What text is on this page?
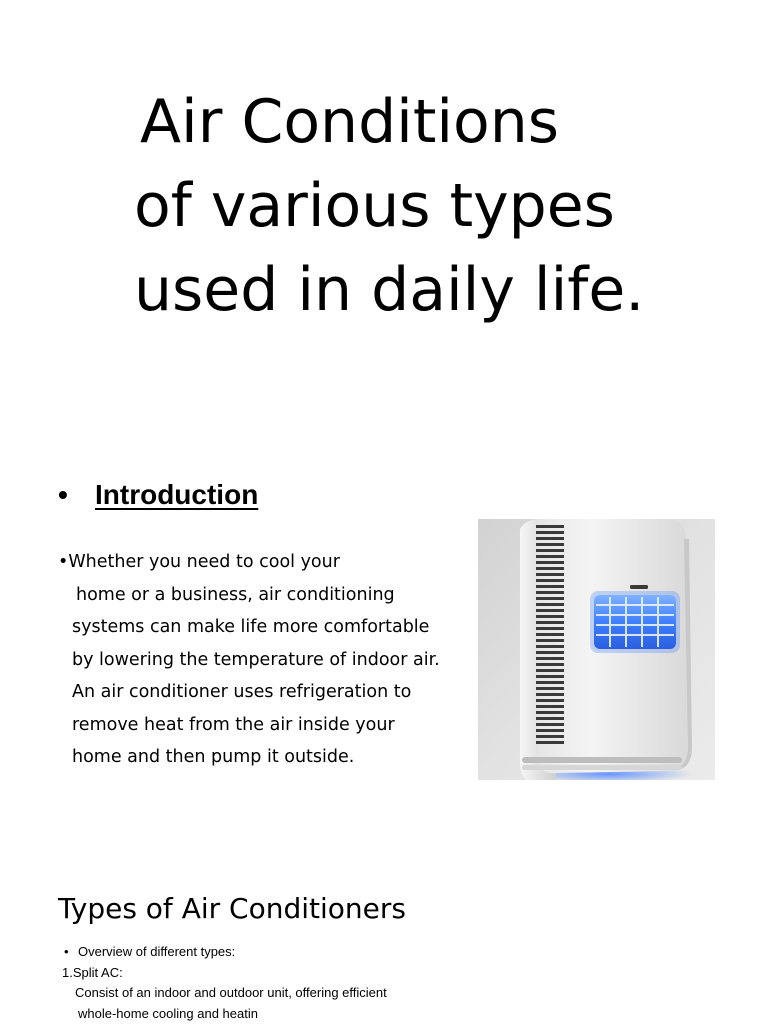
Air Conditions
of various types
used in daily life.
• Introduction

•Whether you need to cool your
home or a business, air conditioning
systems can make life more comfortable
by lowering the temperature of indoor air.
An air conditioner uses refrigeration to
remove heat from the air inside your
home and then pump it outside.

Types of Air Conditioners
• Overview of different types:
1.Split AC:
Consist of an indoor and outdoor unit, offering efficient
whole-home cooling and heatin
